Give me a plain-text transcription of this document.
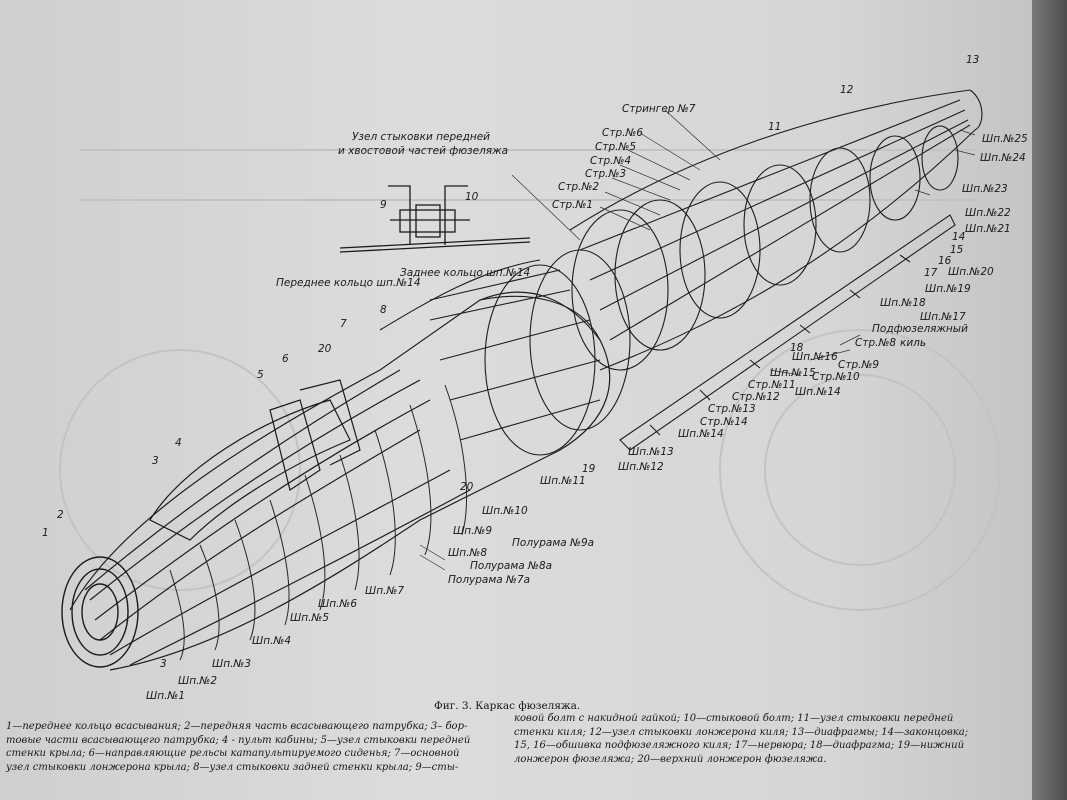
Узел стыковки передней
и хвостовой частей фюзеляжа
9
10
Переднее кольцо шп.№14
Заднее кольцо шп.№14
Стрингер №7
Стр.№6
Стр.№5
Стр.№4
Стр.№3
Стр.№2
Стр.№1
Шп.№25
Шп.№24
Шп.№23
Шп.№22
Шп.№21
Шп.№20
Шп.№19
Шп.№18
Шп.№17
Подфюзеляжный
киль
Стр.№8
Стр.№9
Стр.№10
Шп.№16
Шп.№15
Стр.№11
Шп.№14
Стр.№12
Стр.№13
Стр.№14
Шп.№14
Шп.№13
Шп.№12
Шп.№11
Шп.№10
Шп.№9
Полурама №9а
Шп.№8
Полурама №8а
Полурама №7а
Шп.№7
Шп.№6
Шп.№5
Шп.№4
Шп.№3
Шп.№2
Шп.№1
1
2
3
3
4
5
6
7
8
11
12
13
14
15
16
17
18
19
20
20
Фиг. 3. Каркас фюзеляжа.
1—переднее кольцо всасывания; 2—передняя часть всасывающего патрубка; 3– бор-
товые части всасывающего патрубка; 4 - пульт кабины; 5—узел стыковки передней
стенки крыла; 6—направляющие рельсы катапультируемого сиденья; 7—основной
узел стыковки лонжерона крыла; 8—узел стыковки задней стенки крыла; 9—сты-
ковой болт с накидной гайкой; 10—стыковой болт; 11—узел стыковки передней
стенки киля; 12—узел стыковки лонжерона киля; 13—диафрагмы; 14—законцовка;
15, 16—обшивка подфюзеляжного киля; 17—нервюра; 18—диафрагма; 19—нижний
лонжерон фюзеляжа; 20—верхний лонжерон фюзеляжа.
